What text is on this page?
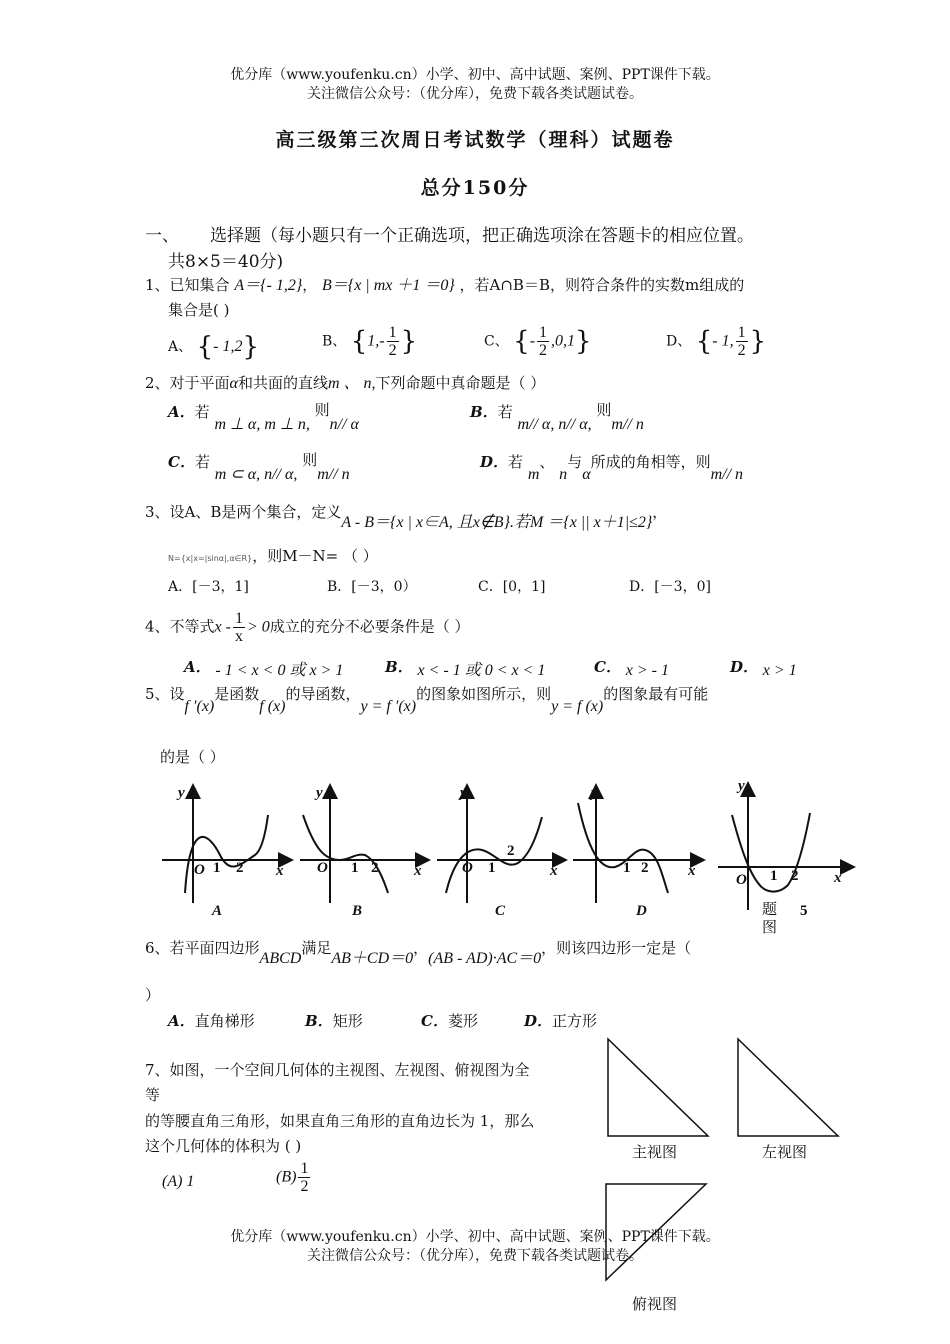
优分库（www.youfenku.cn）小学、初中、高中试题、案例、PPT课件下载。
关注微信公众号：（优分库），免费下载各类试题试卷。
高三级第三次周日考试数学（理科）试题卷
总分150分
一、 选择题（每小题只有一个正确选项，把正确选项涂在答题卡的相应位置。
共8×5＝40分)
1、已知集合 A＝{- 1,2}， B＝{x | mx ＋1 ＝0} ，若A∩B＝B，则符合条件的实数m组成的
集合是( )
A、 {- 1,2}	B、 {$1,- \frac{1}{2}$ }	C、 {- $\frac{1}{2} ,0,1$}	D、 {- 1, $\frac{1}{2}$ }
2、对于平面α和共面的直线m 、 n,下列命题中真命题是（ ）
A．若 m ⊥ α, m ⊥ n, 则n// α
B．若 m// α, n// α, 则m// n
C．若 m ⊂ α, n// α, 则m// n
D．若 m、 n与α所成的角相等，则m// n
3、设A、B是两个集合，定义A - B＝{x | x∈A, 且x∉B}.若M ＝{x || x＋1|≤2}，
N={x|x=|sinα|,α∈R}，则M－N= （ ）
A．[－3，1]	B．[－3，0）	C．[0，1]	D．[－3，0]
4、不等式$x - \frac{1}{x} > 0$成立的充分不必要条件是（ ）
A． - 1 < x < 0 或 x > 1	B． x < - 1 或 0 < x < 1	C． x > - 1	D． x > 1
5、设f ′(x)是函数f (x)的导函数，y = f ′(x)的图象如图所示，则y = f (x)的图象最有可能
的是（ ）
y
x
O 1 2
y
x
O 1 2
y
x
O 1
2
y
x
1 2
y
x
O 1 2
A	B	C	D	5
题
图
6、若平面四边形ABCD满足AB＋CD＝0，(AB - AD)·AC＝0，则该四边形一定是（
）
A．直角梯形	B．矩形	C．菱形	D．正方形
7、如图，一个空间几何体的主视图、左视图、俯视图为全
等
的等腰直角三角形，如果直角三角形的直角边长为 1，那么
这个几何体的体积为 ( )
(A) 1	$(B) \frac{1}{2}$
主视图	左视图
俯视图
优分库（www.youfenku.cn）小学、初中、高中试题、案例、PPT课件下载。
关注微信公众号：（优分库），免费下载各类试题试卷。
